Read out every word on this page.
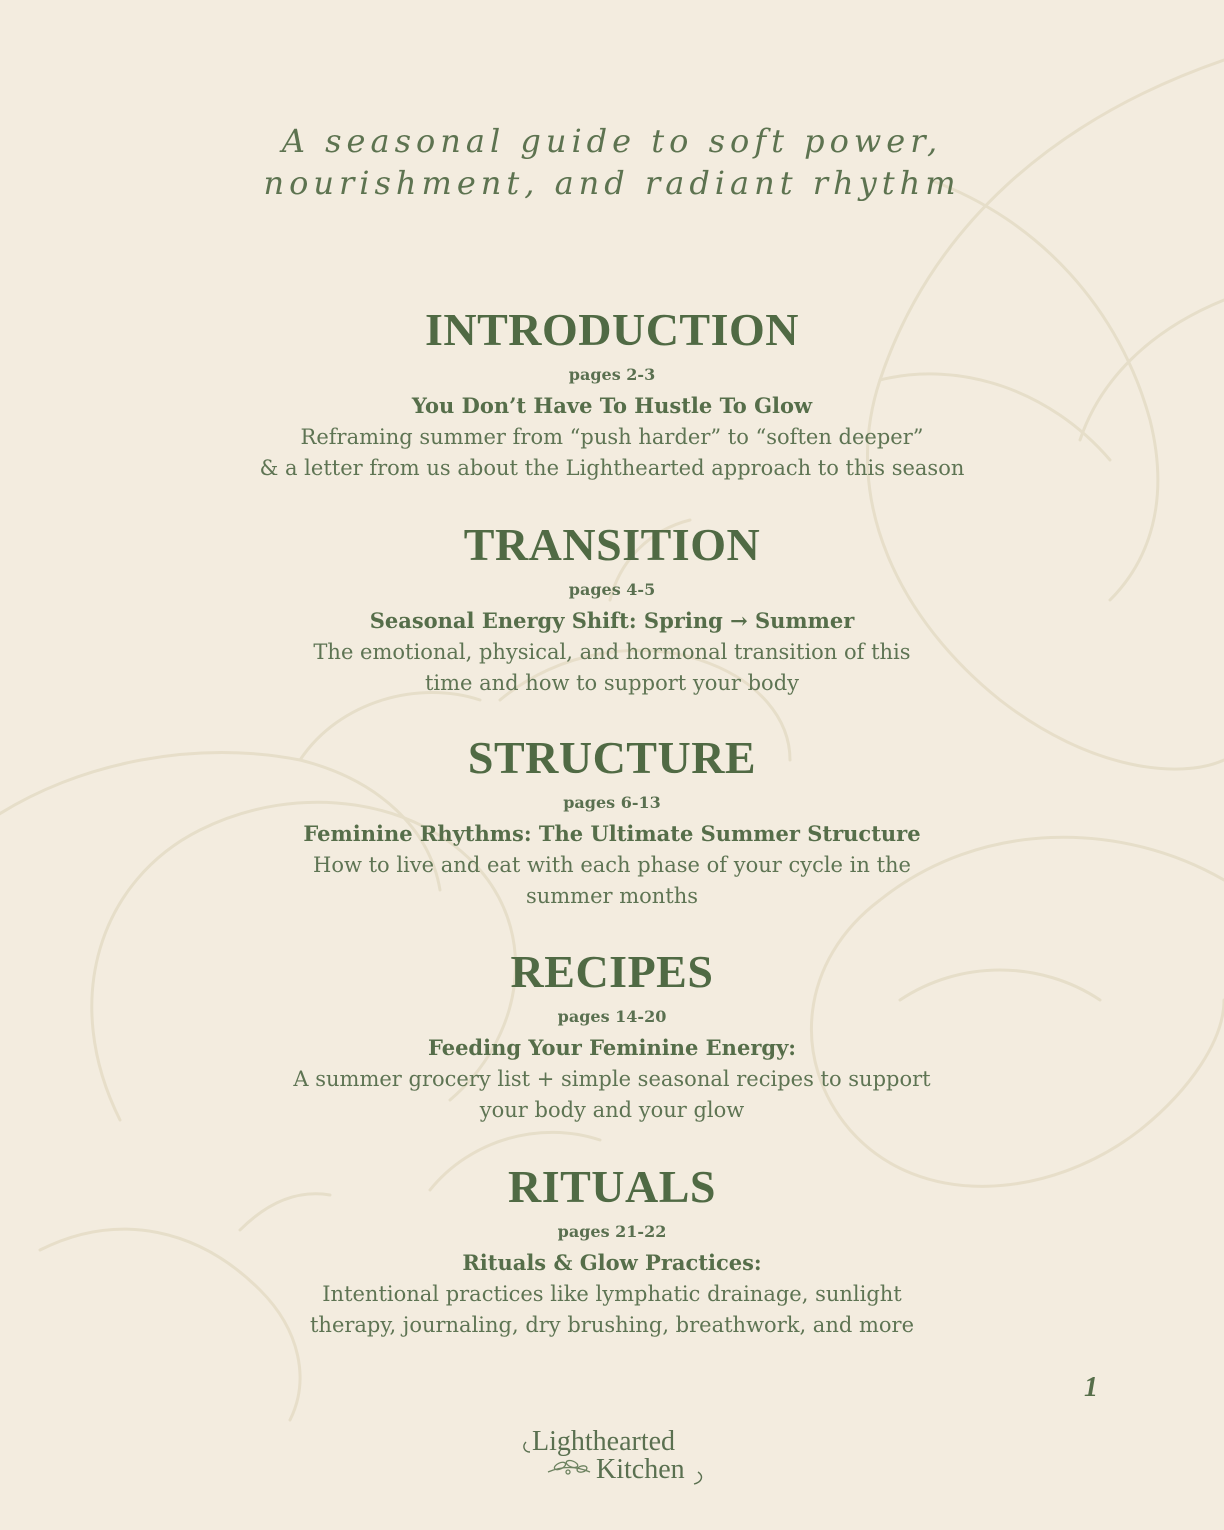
A seasonal guide to soft power,
nourishment, and radiant rhythm

INTRODUCTION

pages 2-3

You Don’t Have To Hustle To Glow

Reframing summer from “push harder” to “soften deeper”
& a letter from us about the Lighthearted approach to this season

TRANSITION

pages 4-5

Seasonal Energy Shift: Spring → Summer

The emotional, physical, and hormonal transition of this
time and how to support your body

STRUCTURE

pages 6-13

Feminine Rhythms: The Ultimate Summer Structure

How to live and eat with each phase of your cycle in the
summer months

RECIPES

pages 14-20

Feeding Your Feminine Energy:

A summer grocery list + simple seasonal recipes to support
your body and your glow

RITUALS

pages 21-22

Rituals & Glow Practices:

Intentional practices like lymphatic drainage, sunlight
therapy, journaling, dry brushing, breathwork, and more

1
Lighthearted
Kitchen
